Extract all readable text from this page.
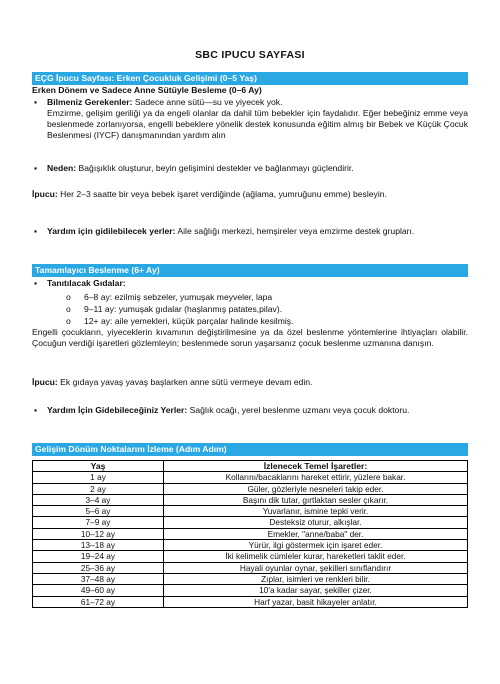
SBC IPUCU SAYFASI
EÇG İpucu Sayfası: Erken Çocukluk Gelişimi (0–5 Yaş)
Erken Dönem ve Sadece Anne Sütüyle Besleme (0–6 Ay)
▪ Bilmeniz Gerekenler: Sadece anne sütü—su ve yiyecek yok.
Emzirme, gelişim geriliği ya da engeli olanlar da dahil tüm bebekler için faydalıdır. Eğer bebeğiniz emme veya beslenmede zorlanıyorsa, engelli bebeklere yönelik destek konusunda eğitim almış bir Bebek ve Küçük Çocuk Beslenmesi (IYCF) danışmanından yardım alın
▪ Neden: Bağışıklık oluşturur, beyin gelişimini destekler ve bağlanmayı güçlendirir.
İpucu: Her 2–3 saatte bir veya bebek işaret verdiğinde (ağlama, yumruğunu emme) besleyin.
▪ Yardım için gidilebilecek yerler: Aile sağlığı merkezi, hemşireler veya emzirme destek grupları.
Tamamlayıcı Beslenme (6+ Ay)
▪ Tanıtılacak Gıdalar:
o 6–8 ay: ezilmiş sebzeler, yumuşak meyveler, lapa
o 9–11 ay: yumuşak gıdalar (haşlanmış patates,pilav).
o 12+ ay: aile yemekleri, küçük parçalar halinde kesilmiş.
Engelli çocukların, yiyeceklerin kıvamının değiştirilmesine ya da özel beslenme yöntemlerine ihtiyaçları olabilir. Çocuğun verdiği işaretleri gözlemleyin; beslenmede sorun yaşarsanız çocuk beslenme uzmanına danışın.
İpucu: Ek gıdaya yavaş yavaş başlarken anne sütü vermeye devam edin.
▪ Yardım İçin Gidebileceğiniz Yerler: Sağlık ocağı, yerel beslenme uzmanı veya çocuk doktoru.
Gelişim Dönüm Noktalarını İzleme (Adım Adım)
Yaş	İzlenecek Temel İşaretler:
1 ay	Kollarını/bacaklarını hareket ettirir, yüzlere bakar.
2 ay	Güler, gözleriyle nesneleri takip eder.
3–4 ay	Başını dik tutar, gırtlaktan sesler çıkarır.
5–6 ay	Yuvarlanır, ismine tepki verir.
7–9 ay	Desteksiz oturur, alkışlar.
10–12 ay	Emekler, "anne/baba" der.
13–18 ay	Yürür, ilgi göstermek için işaret eder.
19–24 ay	İki kelimelik cümleler kurar, hareketleri taklit eder.
25–36 ay	Hayali oyunlar oynar, şekilleri sınıflandırır
37–48 ay	Zıplar, isimleri ve renkleri bilir.
49–60 ay	10'a kadar sayar, şekiller çizer.
61–72 ay	Harf yazar, basit hikayeler anlatır.
